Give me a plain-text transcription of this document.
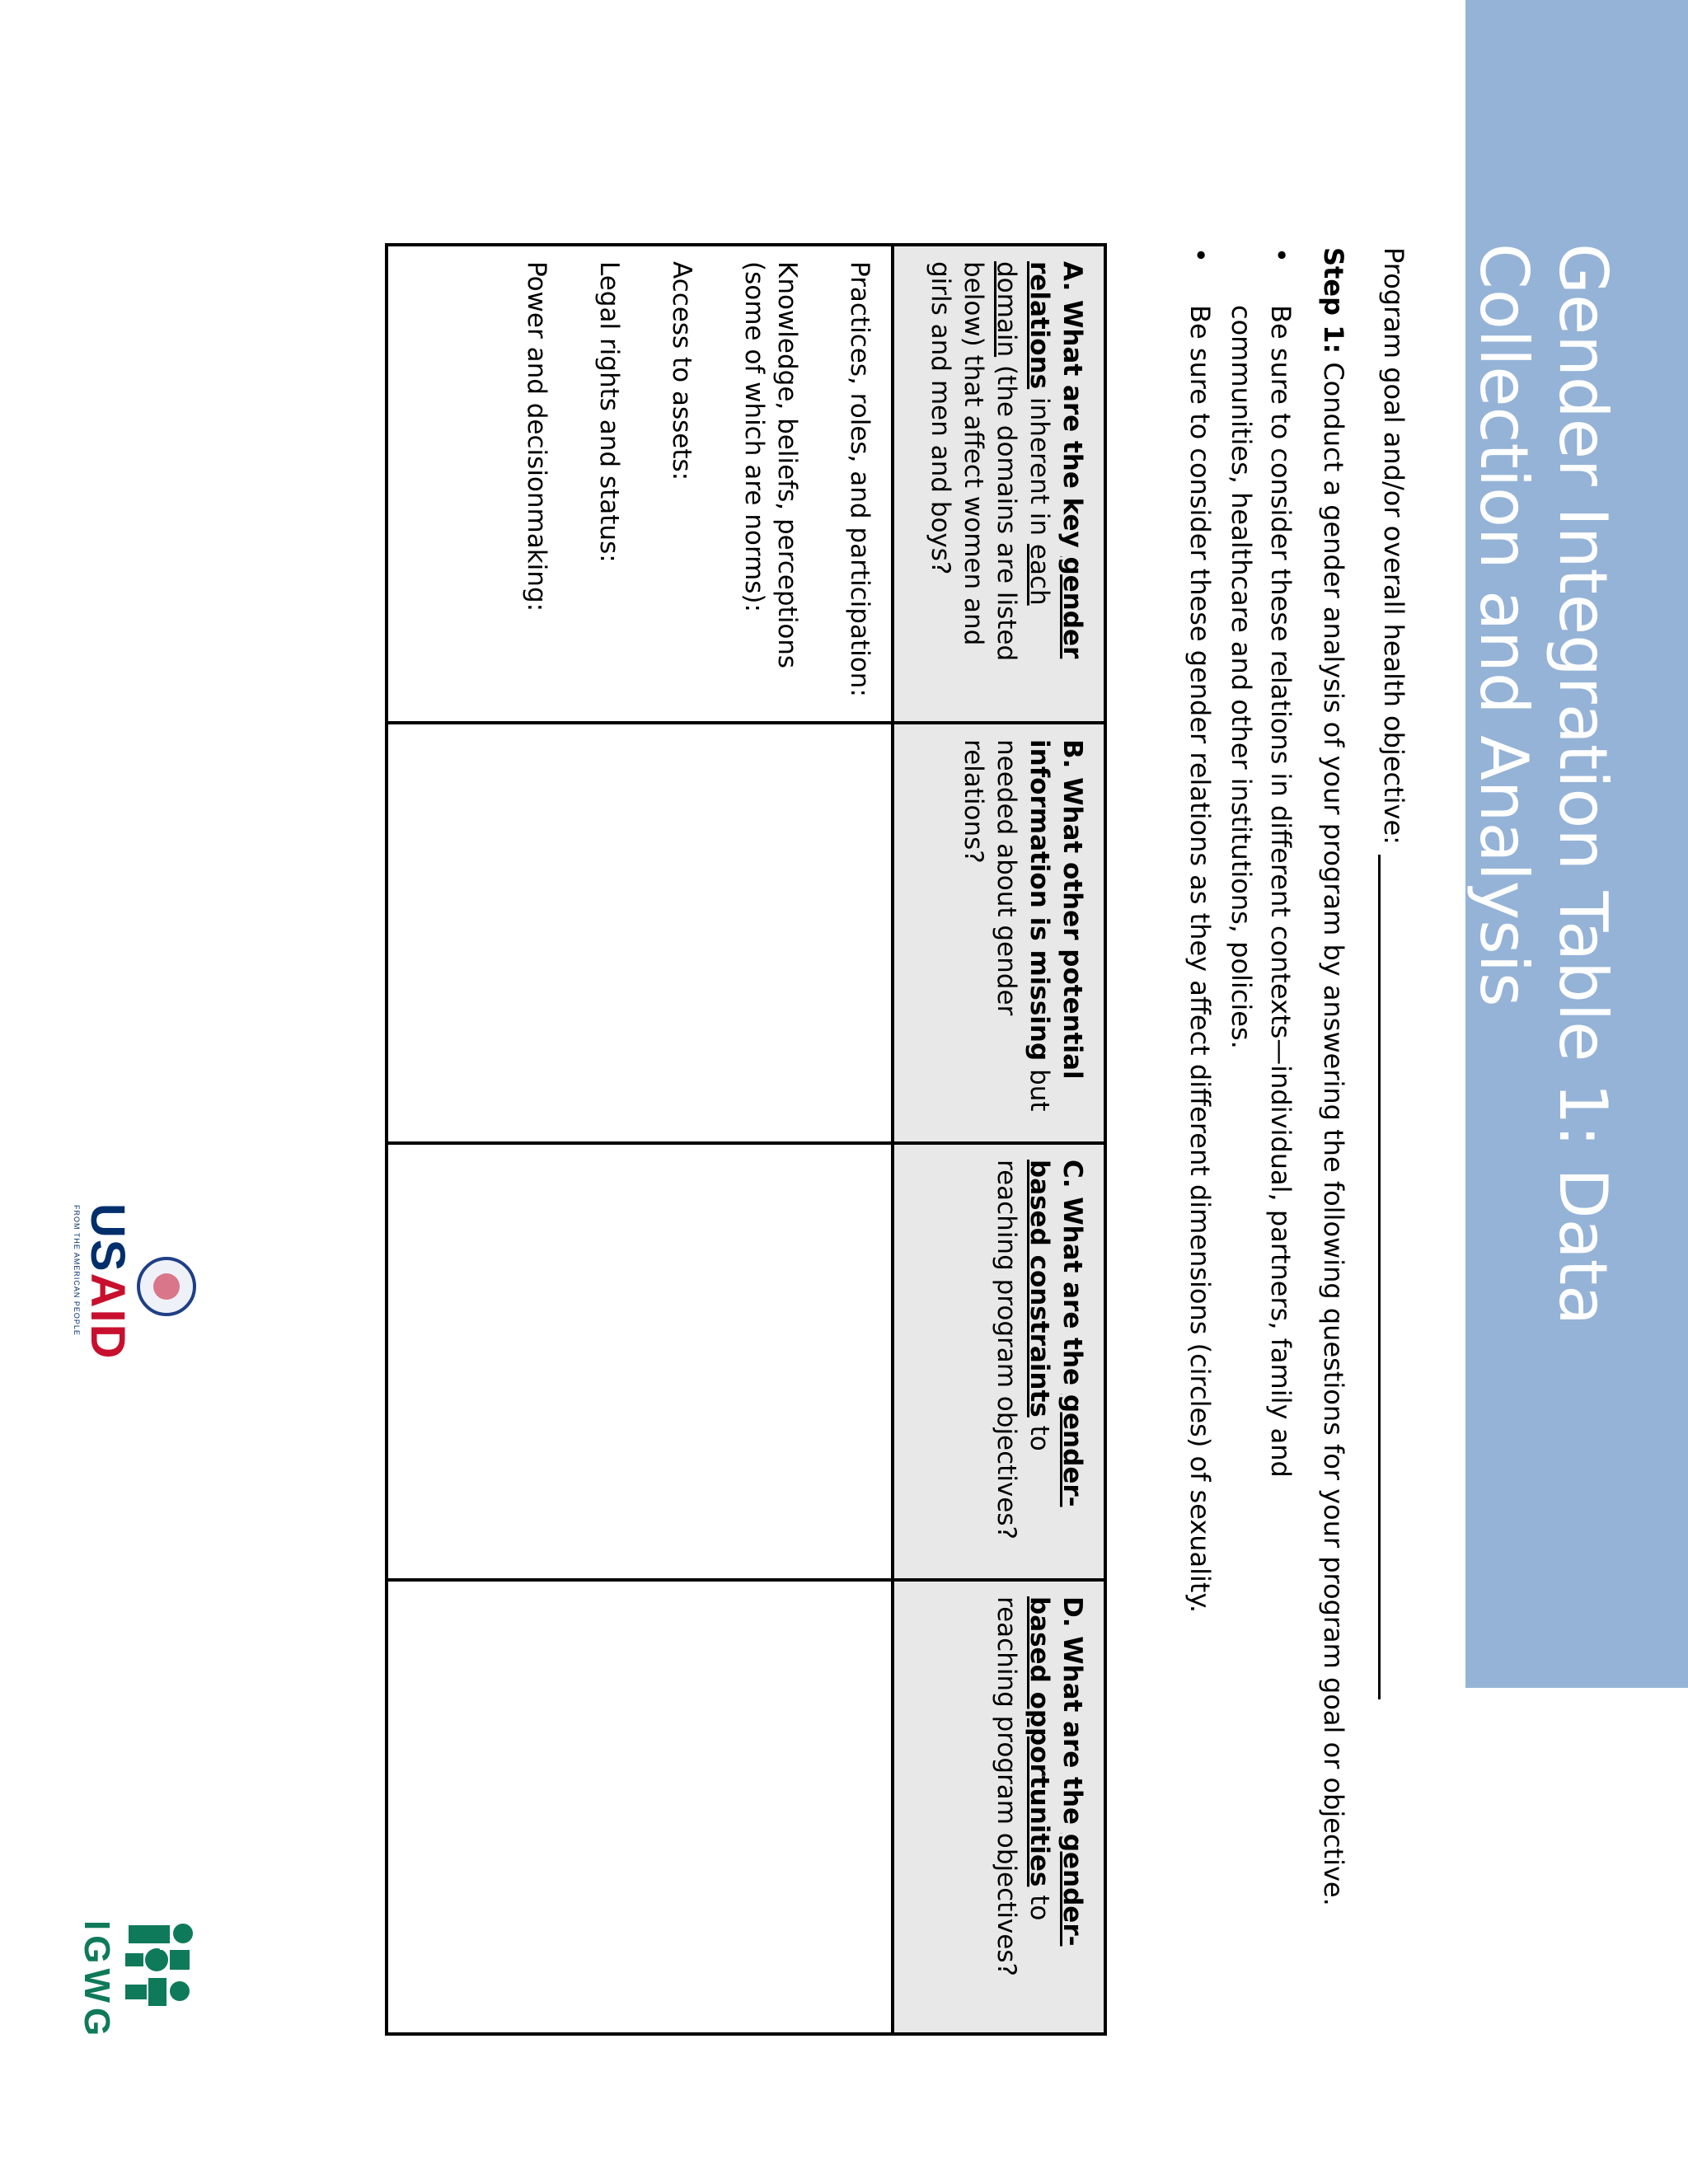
Gender Integration Table 1: Data Collection and Analysis
Program goal and/or overall health objective:
Step 1: Conduct a gender analysis of your program by answering the following questions for your program goal or objective.
•
Be sure to consider these relations in different contexts—individual, partners, family and communities, healthcare and other institutions, policies.
•
Be sure to consider these gender relations as they affect different dimensions (circles) of sexuality.
A. What are the key gender relations inherent in each domain (the domains are listed below) that affect women and girls and men and boys?	B. What other potential information is missing but needed about gender relations?	C. What are the gender-based constraints to reaching program objectives?	D. What are the gender-based opportunities to reaching program objectives?

Practices, roles, and participation:
Knowledge, beliefs, perceptions (some of which are norms):
Access to assets:
Legal rights and status:
Power and decisionmaking:			

USAID
FROM THE AMERICAN PEOPLE
IGWG
